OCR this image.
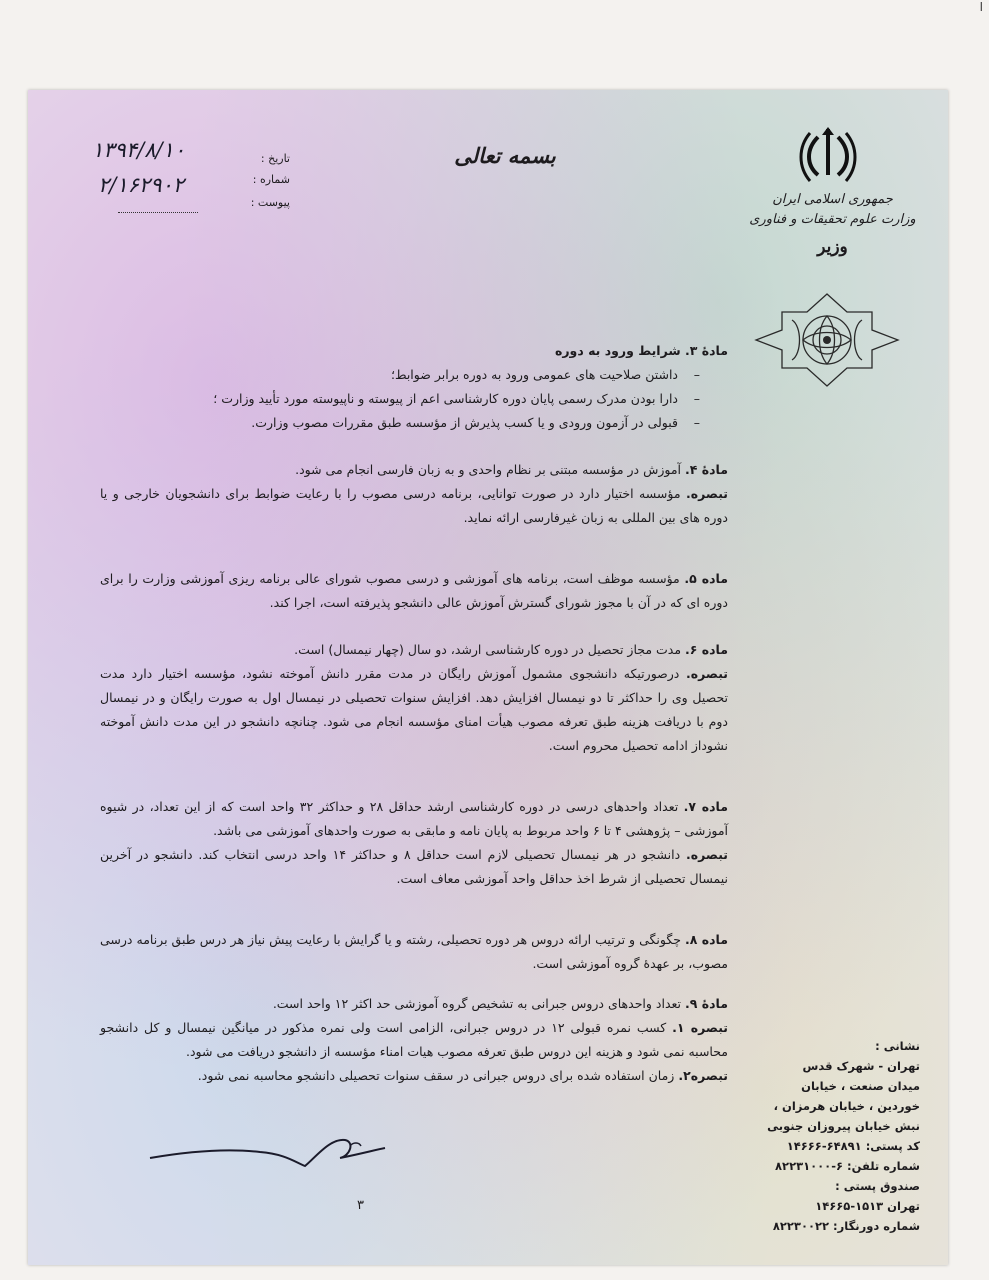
ا
جمهوری اسلامی ایران
وزارت علوم تحقیقات و فناوری
وزیر
بسمه تعالی
تاریخ :
شماره :
پیوست :
۱۳۹۴/۸/۱۰
۲/۱۶۲۹۰۲
مادهٔ ۳. شرایط ورود به دوره
– داشتن صلاحیت های عمومی ورود به دوره برابر ضوابط؛
– دارا بودن مدرک رسمی پایان دوره کارشناسی اعم از پیوسته و ناپیوسته مورد تأیید وزارت ؛
– قبولی در آزمون ورودی و یا کسب پذیرش از مؤسسه طبق مقررات مصوب وزارت.
مادهٔ ۴. آموزش در مؤسسه مبتنی بر نظام واحدی و به زبان فارسی انجام می شود.
تبصره. مؤسسه اختیار دارد در صورت توانایی، برنامه درسی مصوب را با رعایت ضوابط برای دانشجویان خارجی و یا دوره های بین المللی به زبان غیرفارسی ارائه نماید.
ماده ۵. مؤسسه موظف است، برنامه های آموزشی و درسی مصوب شورای عالی برنامه ریزی آموزشی وزارت را برای دوره ای که در آن با مجوز شورای گسترش آموزش عالی دانشجو پذیرفته است، اجرا کند.
ماده ۶. مدت مجاز تحصیل در دوره کارشناسی ارشد، دو سال (چهار نیمسال) است.
تبصره. درصورتیکه دانشجوی مشمول آموزش رایگان در مدت مقرر دانش آموخته نشود، مؤسسه اختیار دارد مدت تحصیل وی را حداکثر تا دو نیمسال افزایش دهد. افزایش سنوات تحصیلی در نیمسال اول به صورت رایگان و در نیمسال دوم با دریافت هزینه طبق تعرفه مصوب هیأت امنای مؤسسه انجام می شود. چنانچه دانشجو در این مدت دانش آموخته نشوداز ادامه تحصیل محروم است.
ماده ۷. تعداد واحدهای درسی در دوره کارشناسی ارشد حداقل ۲۸ و حداکثر ۳۲ واحد است که از این تعداد، در شیوه آموزشی – پژوهشی ۴ تا ۶ واحد مربوط به پایان نامه و مابقی به صورت واحدهای آموزشی می باشد.
تبصره. دانشجو در هر نیمسال تحصیلی لازم است حداقل ۸ و حداکثر ۱۴ واحد درسی انتخاب کند. دانشجو در آخرین نیمسال تحصیلی از شرط اخذ حداقل واحد آموزشی معاف است.
ماده ۸. چگونگی و ترتیب ارائه دروس هر دوره تحصیلی، رشته و یا گرایش با رعایت پیش نیاز هر درس طبق برنامه درسی مصوب، بر عهدهٔ گروه آموزشی است.
مادهٔ ۹. تعداد واحدهای دروس جبرانی به تشخیص گروه آموزشی حد اکثر ۱۲ واحد است.
تبصره ۱. کسب نمره قبولی ۱۲ در دروس جبرانی، الزامی است ولی نمره مذکور در میانگین نیمسال و کل دانشجو محاسبه نمی شود و هزینه این دروس طبق تعرفه مصوب هیات امناء مؤسسه از دانشجو دریافت می شود.
تبصره۲. زمان استفاده شده برای دروس جبرانی در سقف سنوات تحصیلی دانشجو محاسبه نمی شود.
نشانی :
تهران - شهرک قدس
میدان صنعت ، خیابان
خوردین ، خیابان هرمزان ،
نبش خیابان پیروزان جنوبی
کد پستی: ۶۴۸۹۱-۱۴۶۶۶
شماره تلفن: ۶-۸۲۲۳۱۰۰۰
صندوق پستی :
تهران ۱۵۱۳-۱۴۶۶۵
شماره دورنگار: ۸۲۲۳۰۰۲۲
۳
